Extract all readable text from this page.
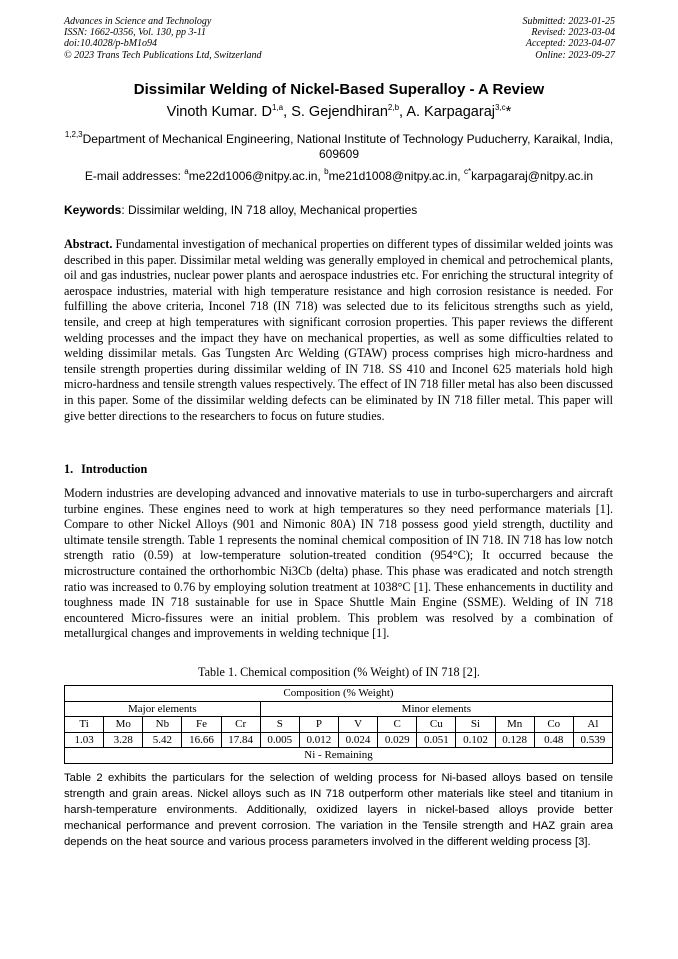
Advances in Science and Technology
ISSN: 1662-0356, Vol. 130, pp 3-11
doi:10.4028/p-bM1o94
© 2023 Trans Tech Publications Ltd, Switzerland
Submitted: 2023-01-25
Revised: 2023-03-04
Accepted: 2023-04-07
Online: 2023-09-27
Dissimilar Welding of Nickel-Based Superalloy - A Review
Vinoth Kumar. D$^{1,a}$, S. Gejendhiran$^{2,b}$, A. Karpagaraj$^{3,c}$*
$^{1,2,3}$Department of Mechanical Engineering, National Institute of Technology Puducherry, Karaikal, India, 609609
E-mail addresses: $^a$me22d1006@nitpy.ac.in, $^b$me21d1008@nitpy.ac.in, $^{c*}$karpagaraj@nitpy.ac.in
Keywords: Dissimilar welding, IN 718 alloy, Mechanical properties
Abstract. Fundamental investigation of mechanical properties on different types of dissimilar welded joints was described in this paper. Dissimilar metal welding was generally employed in chemical and petrochemical plants, oil and gas industries, nuclear power plants and aerospace industries etc. For enriching the structural integrity of aerospace industries, material with high temperature resistance and high corrosion resistance is needed. For fulfilling the above criteria, Inconel 718 (IN 718) was selected due to its felicitous strengths such as yield, tensile, and creep at high temperatures with significant corrosion properties. This paper reviews the different welding processes and the impact they have on mechanical properties, as well as some difficulties related to welding dissimilar metals. Gas Tungsten Arc Welding (GTAW) process comprises high micro-hardness and tensile strength properties during dissimilar welding of IN 718. SS 410 and Inconel 625 materials hold high micro-hardness and tensile strength values respectively. The effect of IN 718 filler metal has also been discussed in this paper. Some of the dissimilar welding defects can be eliminated by IN 718 filler metal. This paper will give better directions to the researchers to focus on future studies.
1. Introduction
Modern industries are developing advanced and innovative materials to use in turbo-superchargers and aircraft turbine engines. These engines need to work at high temperatures so they need performance materials [1]. Compare to other Nickel Alloys (901 and Nimonic 80A) IN 718 possess good yield strength, ductility and ultimate tensile strength. Table 1 represents the nominal chemical composition of IN 718. IN 718 has low notch strength ratio (0.59) at low-temperature solution-treated condition (954°C); It occurred because the microstructure contained the orthorhombic Ni3Cb (delta) phase. This phase was eradicated and notch strength ratio was increased to 0.76 by employing solution treatment at 1038°C [1]. These enhancements in ductility and toughness made IN 718 sustainable for use in Space Shuttle Main Engine (SSME). Welding of IN 718 encountered Micro-fissures were an initial problem. This problem was resolved by a combination of metallurgical changes and improvements in welding technique [1].
Table 1. Chemical composition (% Weight) of IN 718 [2].
Composition (% Weight)													
Major elements					Minor elements								
Ti	Mo	Nb	Fe	Cr	S	P	V	C	Cu	Si	Mn	Co	Al
1.03	3.28	5.42	16.66	17.84	0.005	0.012	0.024	0.029	0.051	0.102	0.128	0.48	0.539
Ni - Remaining													
Table 2 exhibits the particulars for the selection of welding process for Ni-based alloys based on tensile strength and grain areas. Nickel alloys such as IN 718 outperform other materials like steel and titanium in harsh-temperature environments. Additionally, oxidized layers in nickel-based alloys provide better mechanical performance and prevent corrosion. The variation in the Tensile strength and HAZ grain area depends on the heat source and various process parameters involved in the different welding process [3].
